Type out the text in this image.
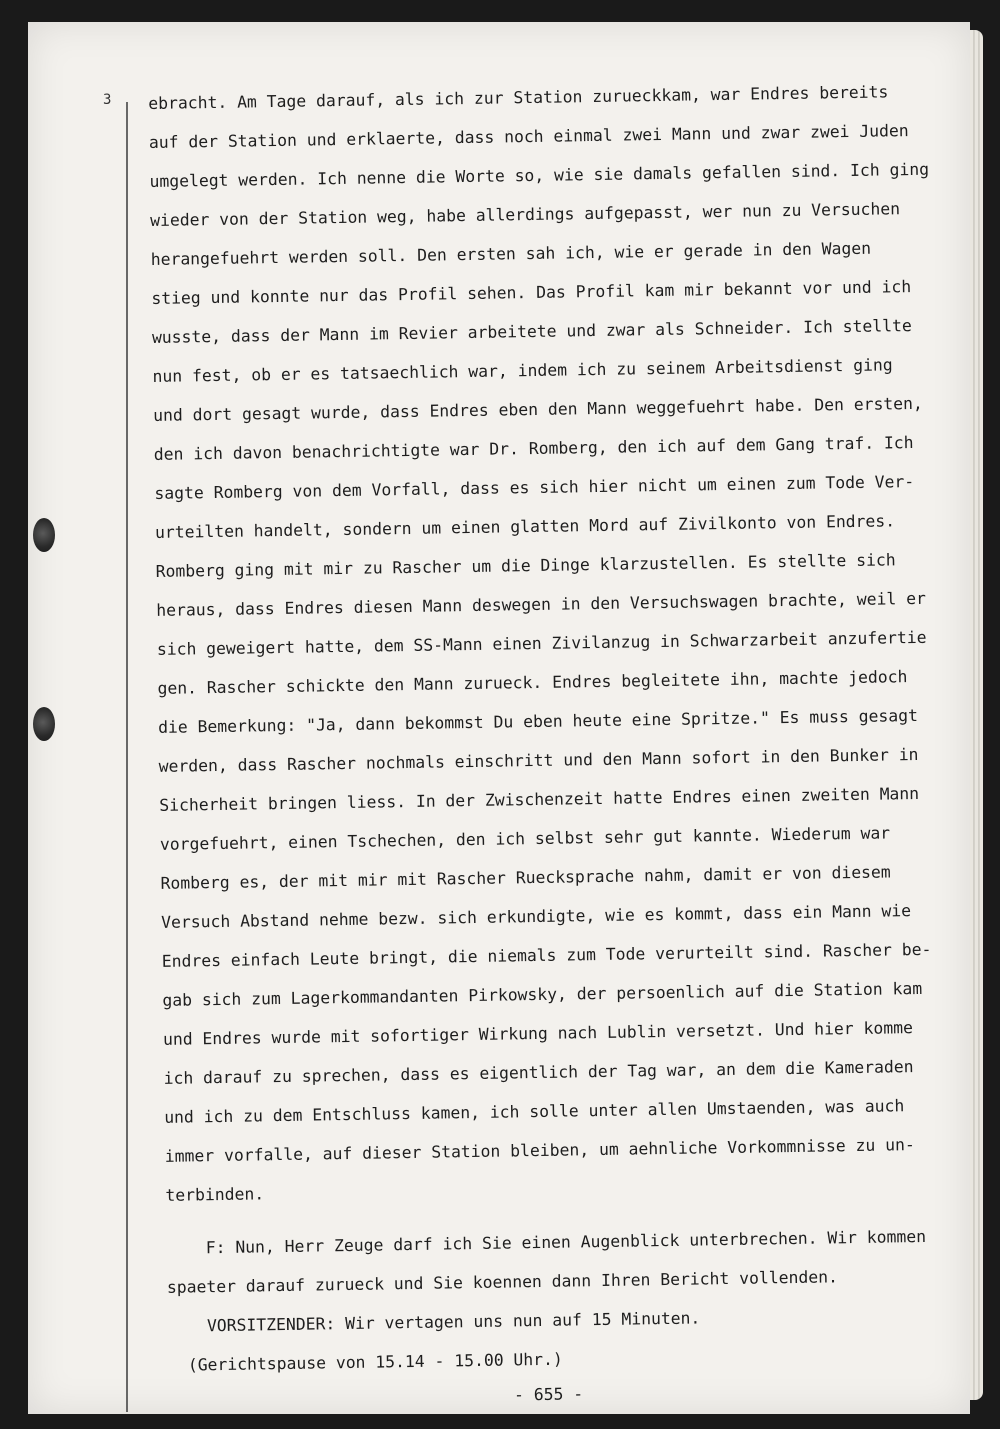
3 ebracht. Am Tage darauf, als ich zur Station zurueckkam, war Endres bereits
auf der Station und erklaerte, dass noch einmal zwei Mann und zwar zwei Juden
umgelegt werden. Ich nenne die Worte so, wie sie damals gefallen sind. Ich ging
wieder von der Station weg, habe allerdings aufgepasst, wer nun zu Versuchen
herangefuehrt werden soll. Den ersten sah ich, wie er gerade in den Wagen
stieg und konnte nur das Profil sehen. Das Profil kam mir bekannt vor und ich
wusste, dass der Mann im Revier arbeitete und zwar als Schneider. Ich stellte
nun fest, ob er es tatsaechlich war, indem ich zu seinem Arbeitsdienst ging
und dort gesagt wurde, dass Endres eben den Mann weggefuehrt habe. Den ersten,
den ich davon benachrichtigte war Dr. Romberg, den ich auf dem Gang traf. Ich
sagte Romberg von dem Vorfall, dass es sich hier nicht um einen zum Tode Ver-
urteilten handelt, sondern um einen glatten Mord auf Zivilkonto von Endres.
Romberg ging mit mir zu Rascher um die Dinge klarzustellen. Es stellte sich
heraus, dass Endres diesen Mann deswegen in den Versuchswagen brachte, weil er
sich geweigert hatte, dem SS-Mann einen Zivilanzug in Schwarzarbeit anzufertie
gen. Rascher schickte den Mann zurueck. Endres begleitete ihn, machte jedoch
die Bemerkung: "Ja, dann bekommst Du eben heute eine Spritze." Es muss gesagt
werden, dass Rascher nochmals einschritt und den Mann sofort in den Bunker in
Sicherheit bringen liess. In der Zwischenzeit hatte Endres einen zweiten Mann
vorgefuehrt, einen Tschechen, den ich selbst sehr gut kannte. Wiederum war
Romberg es, der mit mir mit Rascher Ruecksprache nahm, damit er von diesem
Versuch Abstand nehme bezw. sich erkundigte, wie es kommt, dass ein Mann wie
Endres einfach Leute bringt, die niemals zum Tode verurteilt sind. Rascher be-
gab sich zum Lagerkommandanten Pirkowsky, der persoenlich auf die Station kam
und Endres wurde mit sofortiger Wirkung nach Lublin versetzt. Und hier komme
ich darauf zu sprechen, dass es eigentlich der Tag war, an dem die Kameraden
und ich zu dem Entschluss kamen, ich solle unter allen Umstaenden, was auch
immer vorfalle, auf dieser Station bleiben, um aehnliche Vorkommnisse zu un-
terbinden.
F: Nun, Herr Zeuge darf ich Sie einen Augenblick unterbrechen. Wir kommen
spaeter darauf zurueck und Sie koennen dann Ihren Bericht vollenden.
VORSITZENDER: Wir vertagen uns nun auf 15 Minuten.
(Gerichtspause von 15.14 - 15.00 Uhr.)
- 655 -
